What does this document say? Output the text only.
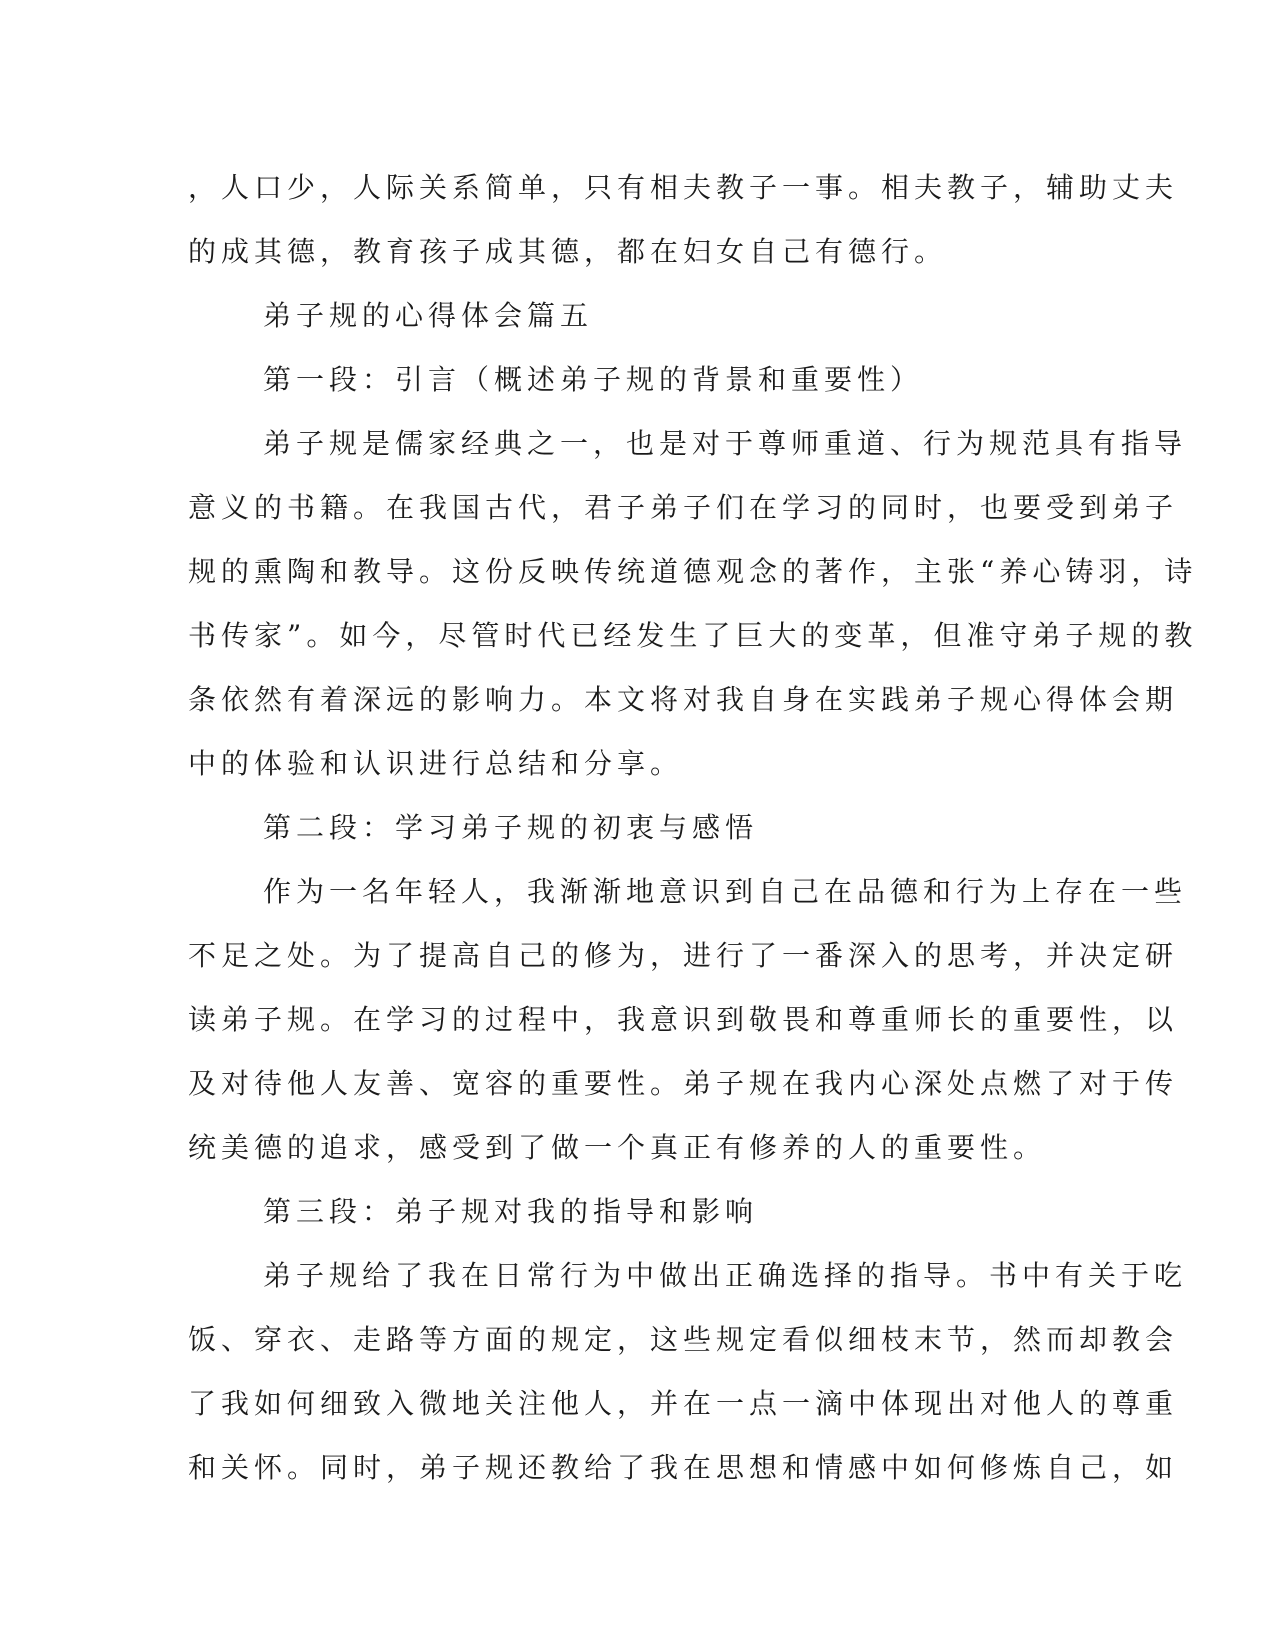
，人口少，人际关系简单，只有相夫教子一事。相夫教子，辅助丈夫
的成其德，教育孩子成其德，都在妇女自己有德行。
弟子规的心得体会篇五
第一段：引言（概述弟子规的背景和重要性）
弟子规是儒家经典之一，也是对于尊师重道、行为规范具有指导
意义的书籍。在我国古代，君子弟子们在学习的同时，也要受到弟子
规的熏陶和教导。这份反映传统道德观念的著作，主张“养心铸羽，诗
书传家”。如今，尽管时代已经发生了巨大的变革，但准守弟子规的教
条依然有着深远的影响力。本文将对我自身在实践弟子规心得体会期
中的体验和认识进行总结和分享。
第二段：学习弟子规的初衷与感悟
作为一名年轻人，我渐渐地意识到自己在品德和行为上存在一些
不足之处。为了提高自己的修为，进行了一番深入的思考，并决定研
读弟子规。在学习的过程中，我意识到敬畏和尊重师长的重要性，以
及对待他人友善、宽容的重要性。弟子规在我内心深处点燃了对于传
统美德的追求，感受到了做一个真正有修养的人的重要性。
第三段：弟子规对我的指导和影响
弟子规给了我在日常行为中做出正确选择的指导。书中有关于吃
饭、穿衣、走路等方面的规定，这些规定看似细枝末节，然而却教会
了我如何细致入微地关注他人，并在一点一滴中体现出对他人的尊重
和关怀。同时，弟子规还教给了我在思想和情感中如何修炼自己，如
